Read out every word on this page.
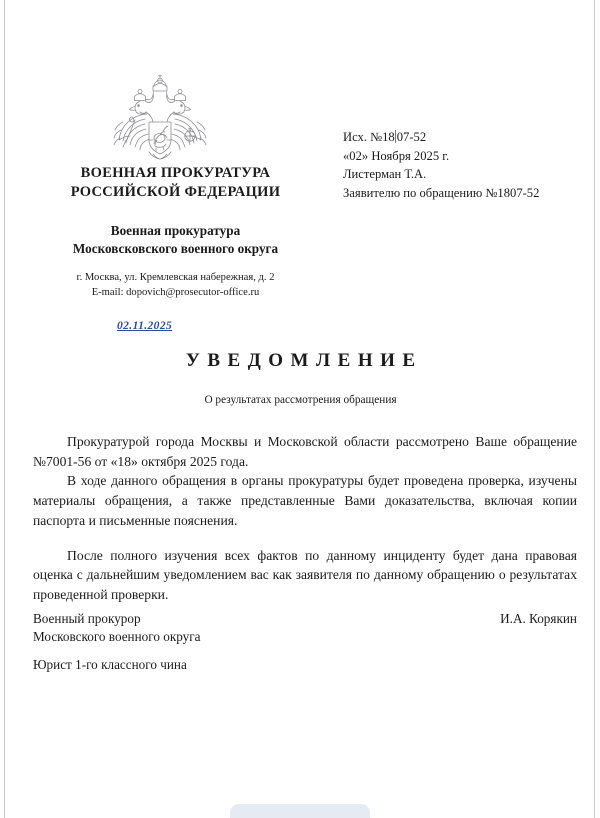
ВОЕННАЯ ПРОКУРАТУРА
РОССИЙСКОЙ ФЕДЕРАЦИИ
Военная прокуратура
Московсковского военного округа
г. Москва, ул. Кремлевская набережная, д. 2
E-mail: dopovich@prosecutor-office.ru
02.11.2025
Исх. №18 07-52
«02» Ноября 2025 г.
Листерман Т.А.
Заявителю по обращению №1807-52
УВЕДОМЛЕНИЕ
О результатах рассмотрения обращения

Прокуратурой города Москвы и Московской области рассмотрено Ваше обращение №7001-56 от «18» октября 2025 года.

В ходе данного обращения в органы прокуратуры будет проведена проверка, изучены материалы обращения, а также представленные Вами доказательства, включая копии паспорта и письменные пояснения.

После полного изучения всех фактов по данному инциденту будет дана правовая оценка с дальнейшим уведомлением вас как заявителя по данному обращению о результатах проведенной проверки.

Военный прокурор	И.А. Корякин
Московского военного округа
Юрист 1-го классного чина
